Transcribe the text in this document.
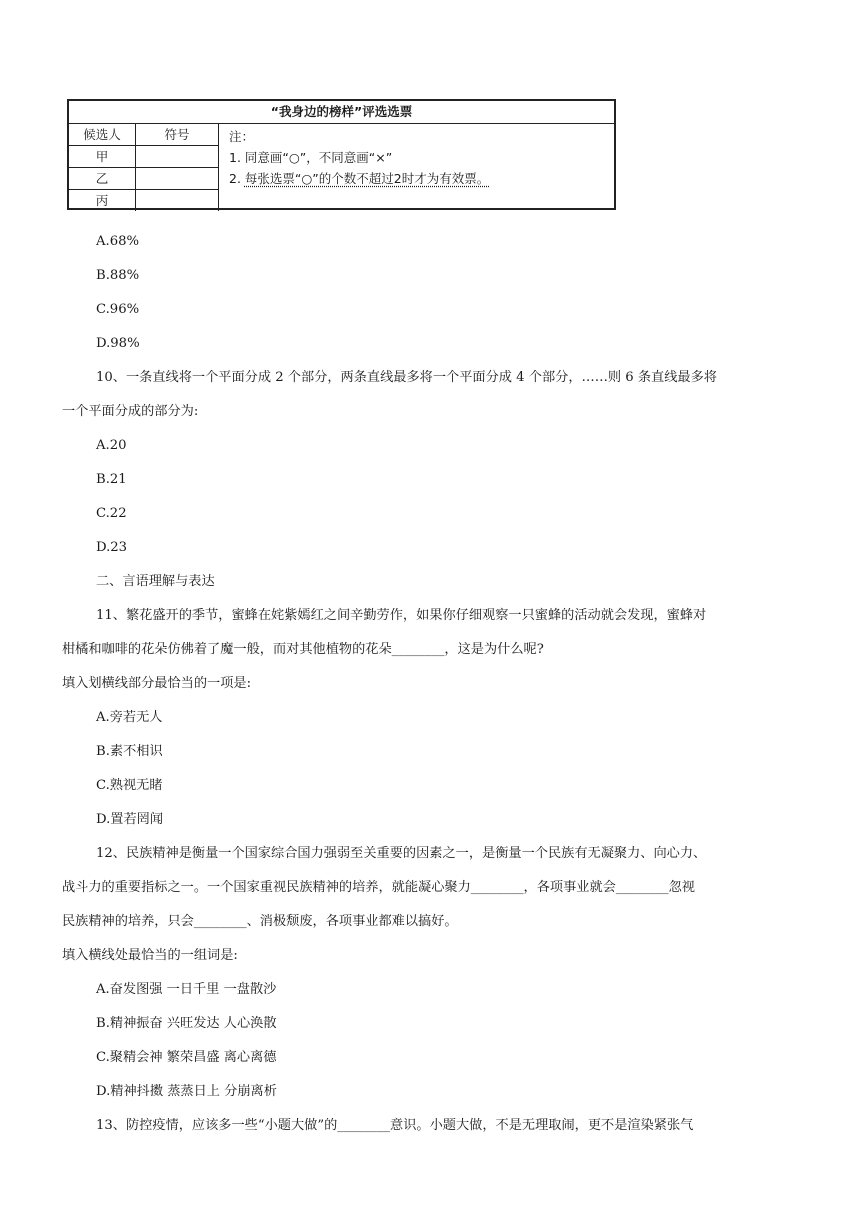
“我身边的榜样”评选选票
候选人	符号
甲
乙
丙
注：
1. 同意画“○”，不同意画“×”
2. 每张选票“○”的个数不超过2时才为有效票。
A.68%
B.88%
C.96%
D.98%
10、一条直线将一个平面分成 2 个部分，两条直线最多将一个平面分成 4 个部分，……则 6 条直线最多将
一个平面分成的部分为:
A.20
B.21
C.22
D.23
二、言语理解与表达
11、繁花盛开的季节，蜜蜂在姹紫嫣红之间辛勤劳作，如果你仔细观察一只蜜蜂的活动就会发现，蜜蜂对
柑橘和咖啡的花朵仿佛着了魔一般，而对其他植物的花朵________，这是为什么呢?
填入划横线部分最恰当的一项是:
A.旁若无人
B.素不相识
C.熟视无睹
D.置若罔闻
12、民族精神是衡量一个国家综合国力强弱至关重要的因素之一，是衡量一个民族有无凝聚力、向心力、
战斗力的重要指标之一。一个国家重视民族精神的培养，就能凝心聚力________，各项事业就会________忽视
民族精神的培养，只会________、消极颓废，各项事业都难以搞好。
填入横线处最恰当的一组词是:
A.奋发图强 一日千里 一盘散沙
B.精神振奋 兴旺发达 人心涣散
C.聚精会神 繁荣昌盛 离心离德
D.精神抖擞 蒸蒸日上 分崩离析
13、防控疫情，应该多一些“小题大做”的________意识。小题大做，不是无理取闹，更不是渲染紧张气
